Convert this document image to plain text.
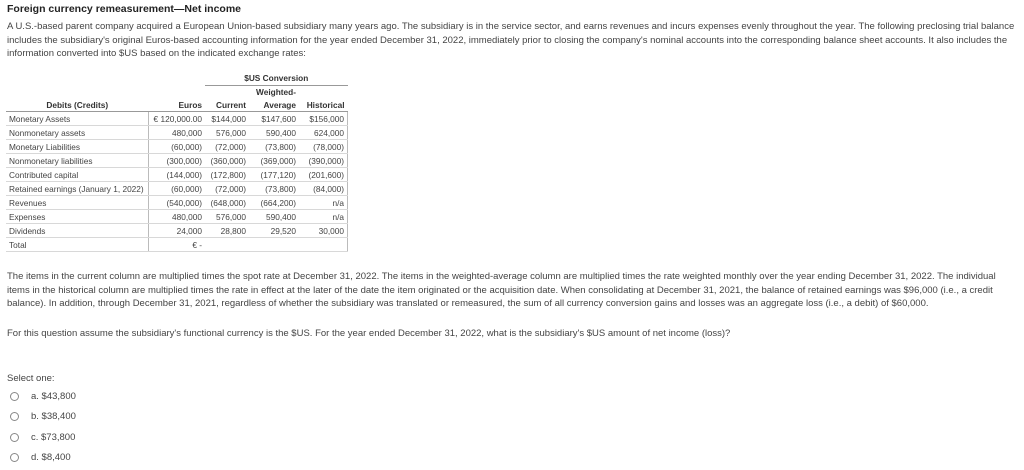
Foreign currency remeasurement—Net income
A U.S.-based parent company acquired a European Union-based subsidiary many years ago. The subsidiary is in the service sector, and earns revenues and incurs expenses evenly throughout the year. The following preclosing trial balance includes the subsidiary's original Euros-based accounting information for the year ended December 31, 2022, immediately prior to closing the company's nominal accounts into the corresponding balance sheet accounts. It also includes the information converted into $US based on the indicated exchange rates:
		$US Conversion		
			Weighted-	
Debits (Credits)	Euros	Current	Average	Historical
Monetary Assets	€ 120,000.00	$144,000	$147,600	$156,000
Nonmonetary assets	480,000	576,000	590,400	624,000
Monetary Liabilities	(60,000)	(72,000)	(73,800)	(78,000)
Nonmonetary liabilities	(300,000)	(360,000)	(369,000)	(390,000)
Contributed capital	(144,000)	(172,800)	(177,120)	(201,600)
Retained earnings (January 1, 2022)	(60,000)	(72,000)	(73,800)	(84,000)
Revenues	(540,000)	(648,000)	(664,200)	n/a
Expenses	480,000	576,000	590,400	n/a
Dividends	24,000	28,800	29,520	30,000
Total	€ -			
The items in the current column are multiplied times the spot rate at December 31, 2022. The items in the weighted-average column are multiplied times the rate weighted monthly over the year ending December 31, 2022. The individual items in the historical column are multiplied times the rate in effect at the later of the date the item originated or the acquisition date. When consolidating at December 31, 2021, the balance of retained earnings was $96,000 (i.e., a credit balance). In addition, through December 31, 2021, regardless of whether the subsidiary was translated or remeasured, the sum of all currency conversion gains and losses was an aggregate loss (i.e., a debit) of $60,000.
For this question assume the subsidiary's functional currency is the $US. For the year ended December 31, 2022, what is the subsidiary's $US amount of net income (loss)?
Select one:
a. $43,800
b. $38,400
c. $73,800
d. $8,400
